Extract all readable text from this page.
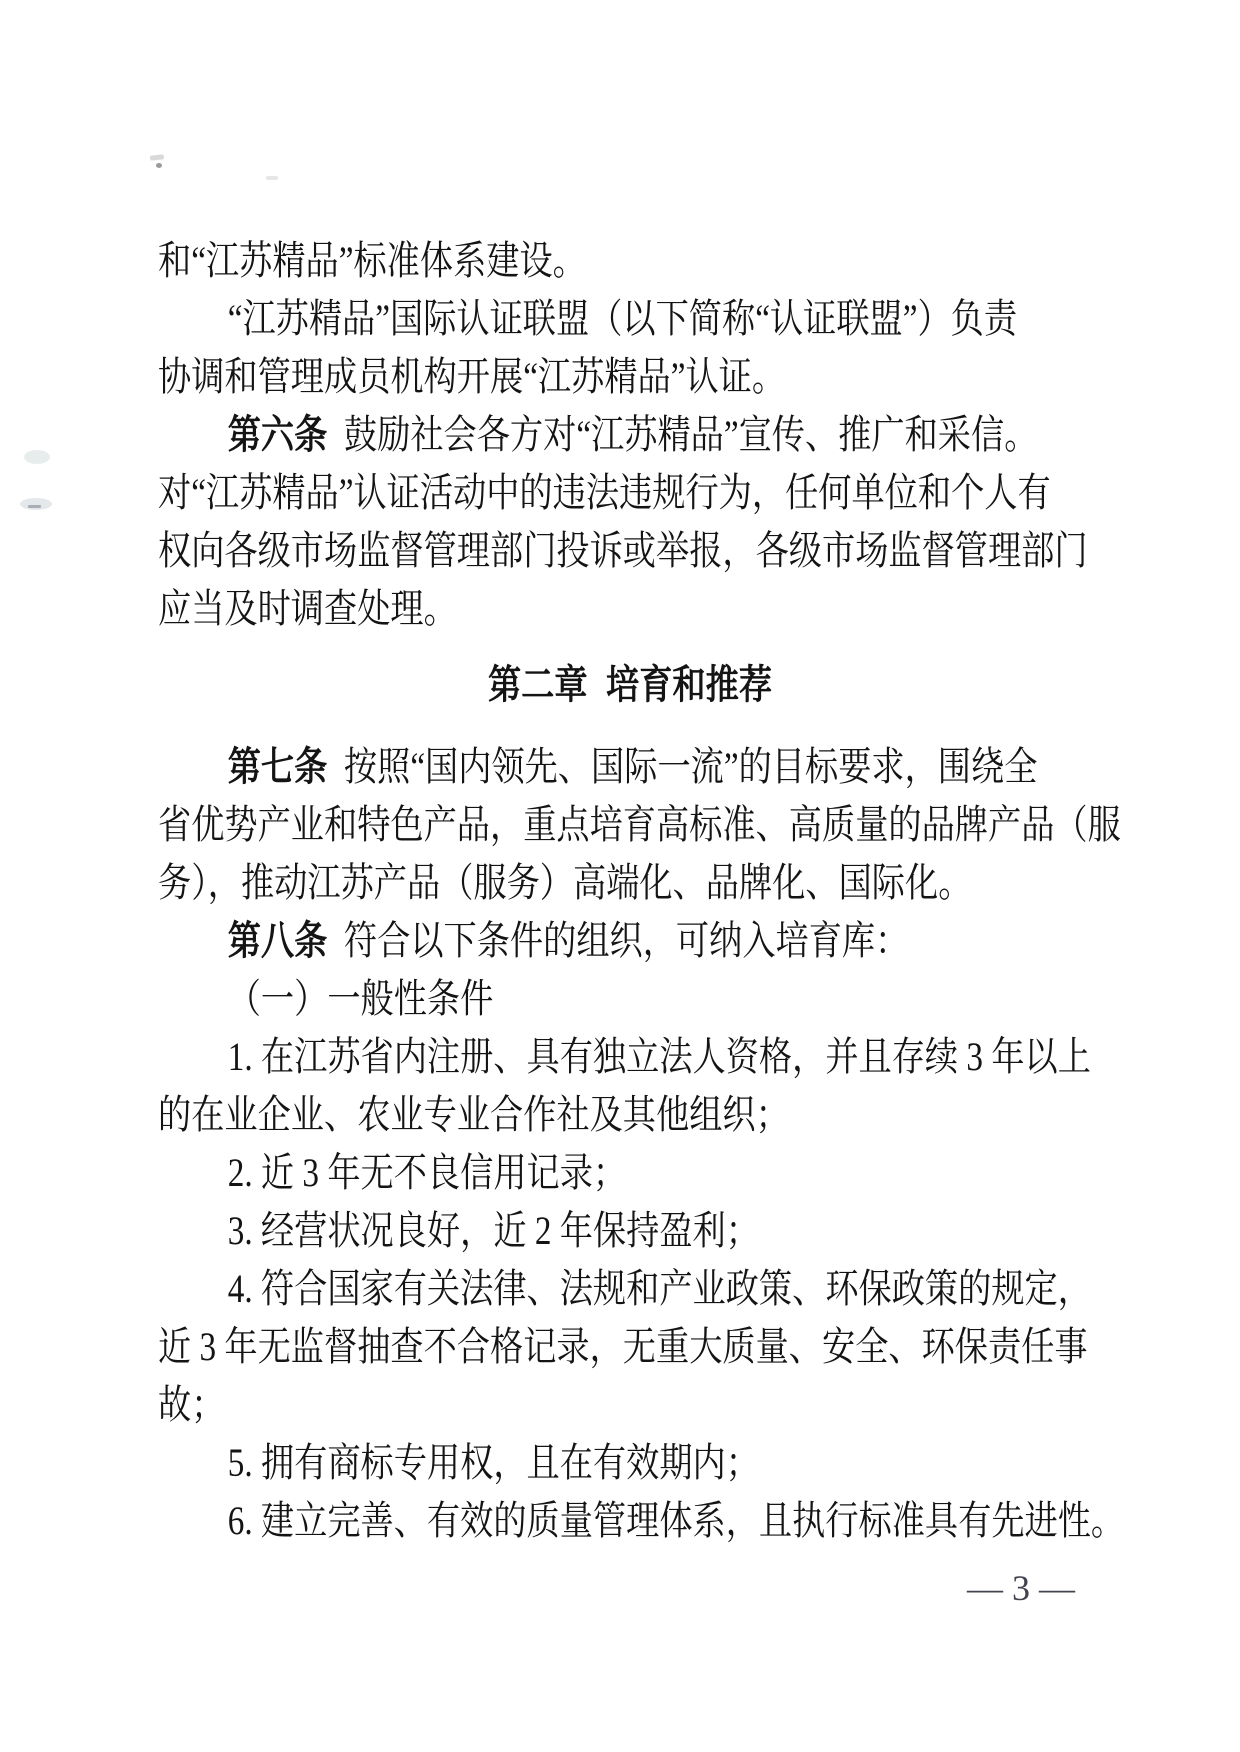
和“江苏精品”标准体系建设。
“江苏精品”国际认证联盟（以下简称“认证联盟”）负责
协调和管理成员机构开展“江苏精品”认证。
第六条  鼓励社会各方对“江苏精品”宣传、推广和采信。
对“江苏精品”认证活动中的违法违规行为，任何单位和个人有
权向各级市场监督管理部门投诉或举报，各级市场监督管理部门
应当及时调查处理。
第二章  培育和推荐
第七条  按照“国内领先、国际一流”的目标要求，围绕全
省优势产业和特色产品，重点培育高标准、高质量的品牌产品（服
务），推动江苏产品（服务）高端化、品牌化、国际化。
第八条  符合以下条件的组织，可纳入培育库：
（一）一般性条件
1. 在江苏省内注册、具有独立法人资格，并且存续 3 年以上
的在业企业、农业专业合作社及其他组织；
2. 近 3 年无不良信用记录；
3. 经营状况良好，近 2 年保持盈利；
4. 符合国家有关法律、法规和产业政策、环保政策的规定，
近 3 年无监督抽查不合格记录，无重大质量、安全、环保责任事
故；
5. 拥有商标专用权，且在有效期内；
6. 建立完善、有效的质量管理体系，且执行标准具有先进性。
— 3 —
